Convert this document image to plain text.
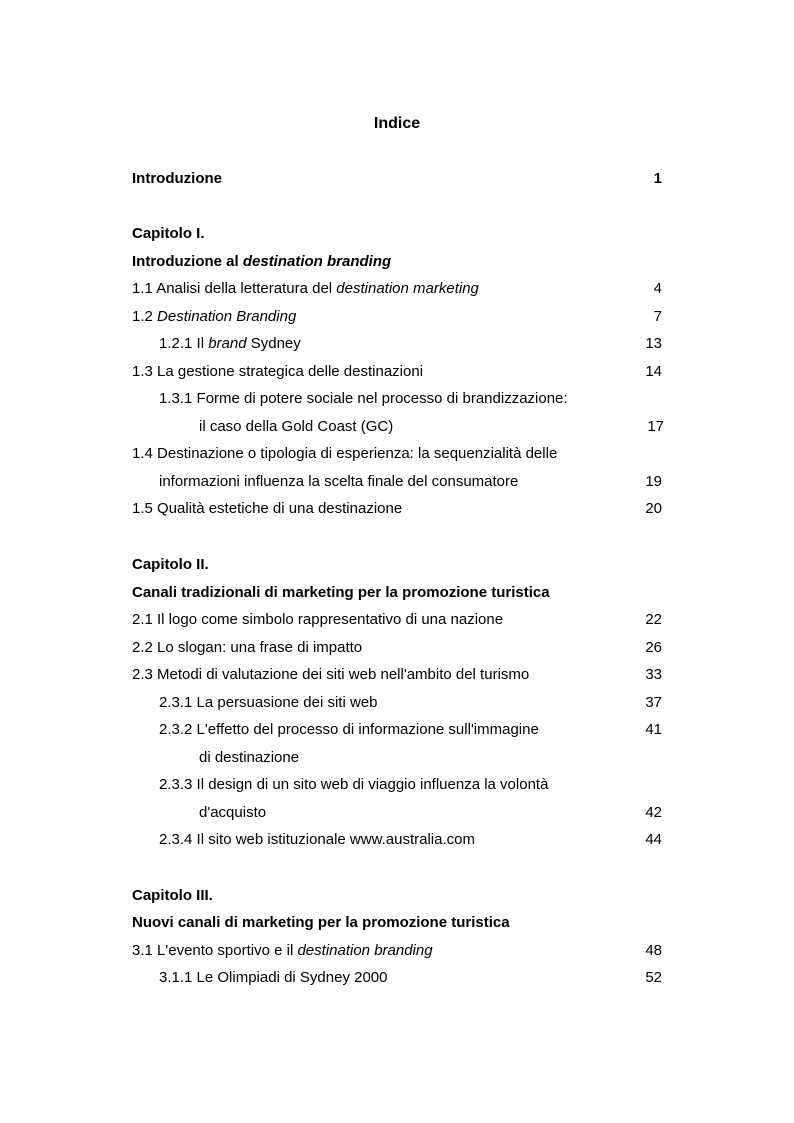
Indice
Introduzione	1
Capitolo I.
Introduzione al destination branding
1.1 Analisi della letteratura del destination marketing	4
1.2 Destination Branding	7
1.2.1 Il brand Sydney	13
1.3 La gestione strategica delle destinazioni	14
1.3.1 Forme di potere sociale nel processo di brandizzazione:
il caso della Gold Coast (GC)	17
1.4 Destinazione o tipologia di esperienza: la sequenzialità delle
informazioni influenza la scelta finale del consumatore	19
1.5 Qualità estetiche di una destinazione	20
Capitolo II.
Canali tradizionali di marketing per la promozione turistica
2.1 Il logo come simbolo rappresentativo di una nazione	22
2.2 Lo slogan: una frase di impatto	26
2.3 Metodi di valutazione dei siti web nell'ambito del turismo	33
2.3.1 La persuasione dei siti web	37
2.3.2 L'effetto del processo di informazione sull'immagine	41
di destinazione
2.3.3 Il design di un sito web di viaggio influenza la volontà
d'acquisto	42
2.3.4 Il sito web istituzionale www.australia.com	44
Capitolo III.
Nuovi canali di marketing per la promozione turistica
3.1 L'evento sportivo e il destination branding	48
3.1.1 Le Olimpiadi di Sydney 2000	52
